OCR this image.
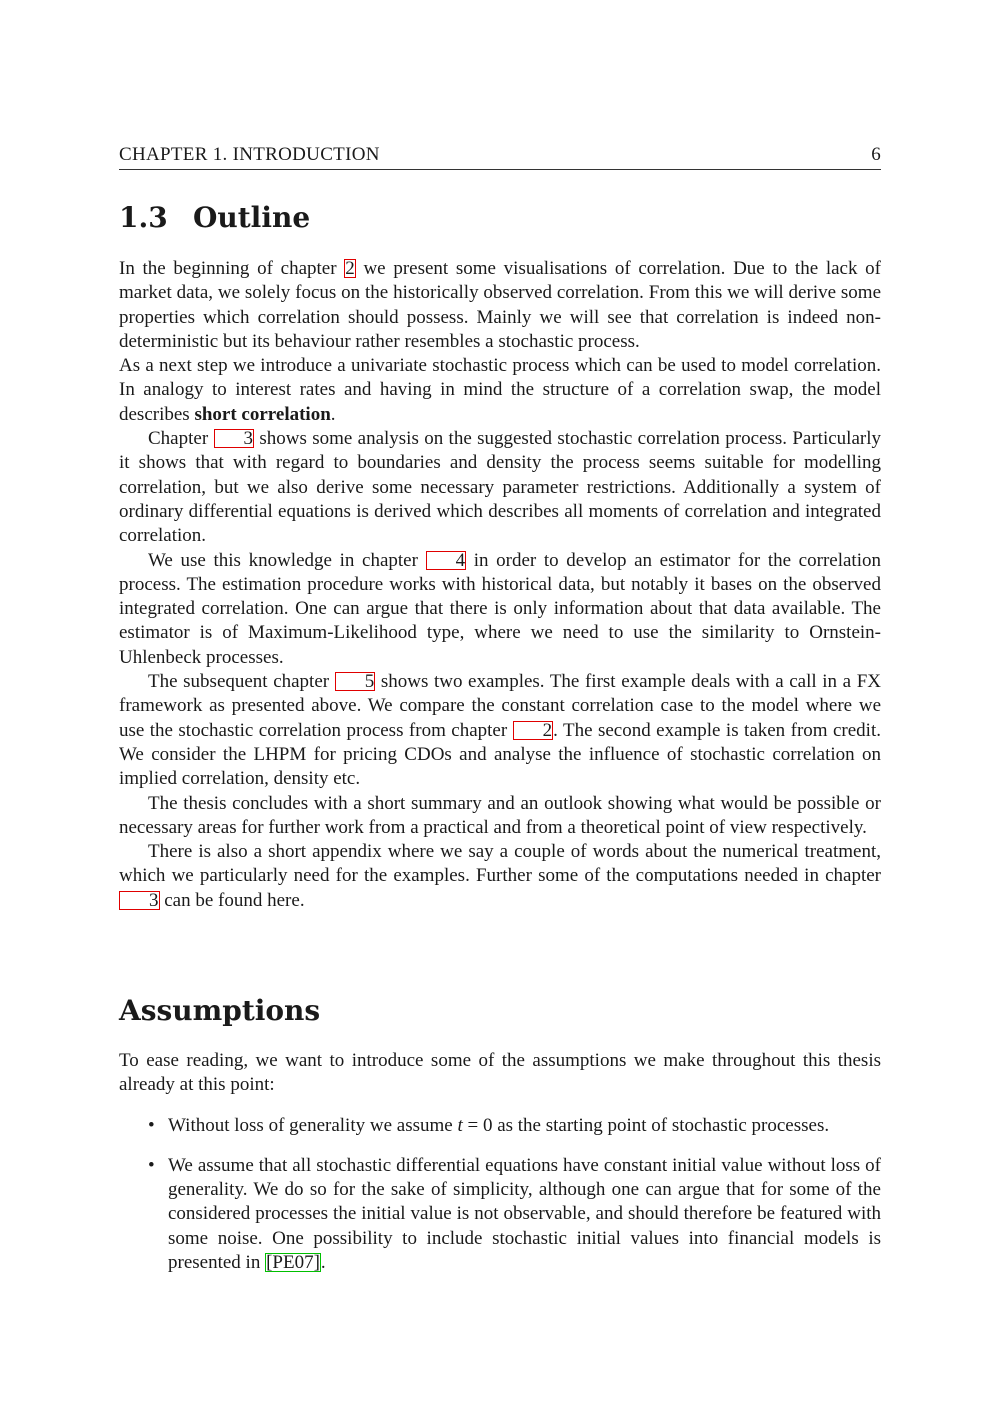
CHAPTER 1. INTRODUCTION	6
1.3 Outline

In the beginning of chapter 2 we present some visualisations of correlation. Due to the lack of market data, we solely focus on the historically observed correlation. From this we will derive some properties which correlation should possess. Mainly we will see that correlation is indeed non-deterministic but its behaviour rather resembles a stochastic process.

As a next step we introduce a univariate stochastic process which can be used to model correlation. In analogy to interest rates and having in mind the structure of a correlation swap, the model describes short correlation.

Chapter 3 shows some analysis on the suggested stochastic correlation process. Particularly it shows that with regard to boundaries and density the process seems suitable for modelling correlation, but we also derive some necessary parameter restrictions. Additionally a system of ordinary differential equations is derived which describes all moments of correlation and integrated correlation.

We use this knowledge in chapter 4 in order to develop an estimator for the correlation process. The estimation procedure works with historical data, but notably it bases on the observed integrated correlation. One can argue that there is only information about that data available. The estimator is of Maximum-Likelihood type, where we need to use the similarity to Ornstein-Uhlenbeck processes.

The subsequent chapter 5 shows two examples. The first example deals with a call in a FX framework as presented above. We compare the constant correlation case to the model where we use the stochastic correlation process from chapter 2. The second example is taken from credit. We consider the LHPM for pricing CDOs and analyse the influence of stochastic correlation on implied correlation, density etc.

The thesis concludes with a short summary and an outlook showing what would be possible or necessary areas for further work from a practical and from a theoretical point of view respectively.

There is also a short appendix where we say a couple of words about the numerical treatment, which we particularly need for the examples. Further some of the computations needed in chapter 3 can be found here.

Assumptions

To ease reading, we want to introduce some of the assumptions we make throughout this thesis already at this point:

• Without loss of generality we assume t = 0 as the starting point of stochastic processes.
• We assume that all stochastic differential equations have constant initial value without loss of generality. We do so for the sake of simplicity, although one can argue that for some of the considered processes the initial value is not observable, and should therefore be featured with some noise. One possibility to include stochastic initial values into financial models is presented in [PE07].
